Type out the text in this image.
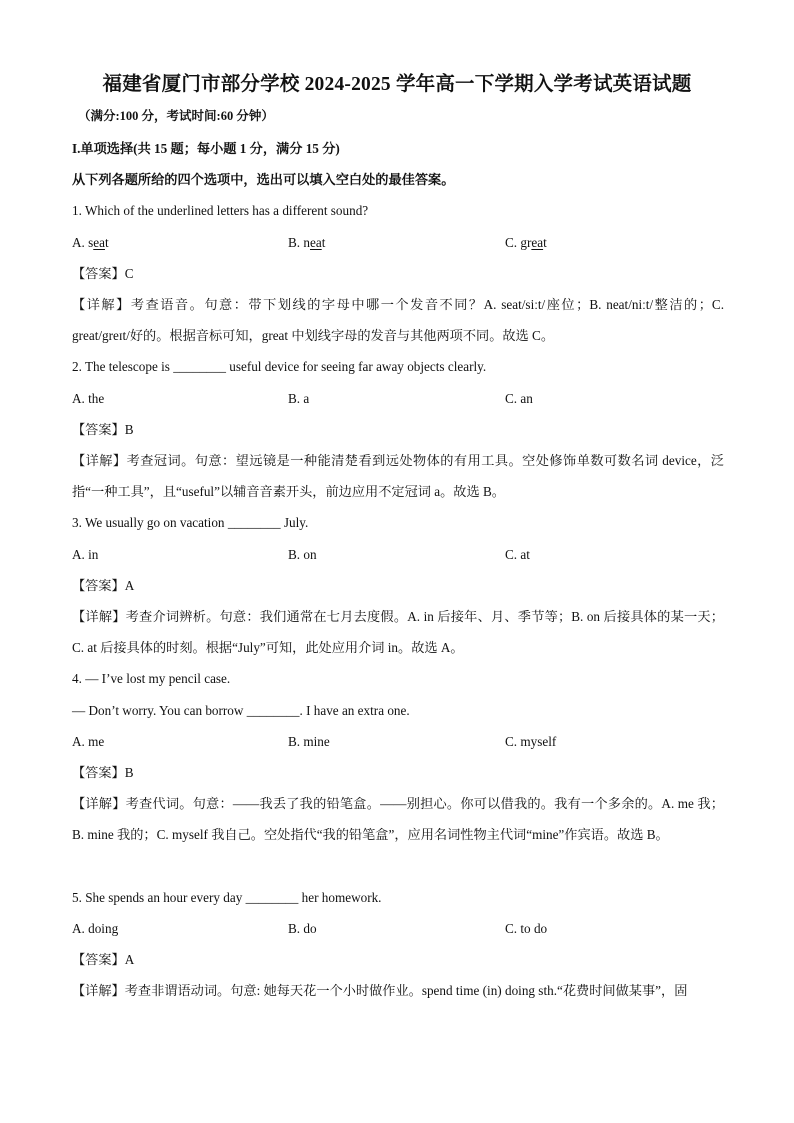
福建省厦门市部分学校 2024-2025 学年高一下学期入学考试英语试题
（满分:100 分，考试时间:60 分钟）
I.单项选择(共 15 题；每小题 1 分，满分 15 分)
从下列各题所给的四个选项中，选出可以填入空白处的最佳答案。
1. Which of the underlined letters has a different sound?
A. seat	B. neat	C. great
【答案】C
【详解】考查语音。句意：带下划线的字母中哪一个发音不同？A. seat/siːt/座位；B. neat/niːt/整洁的；C. great/greɪt/好的。根据音标可知，great 中划线字母的发音与其他两项不同。故选 C。
2. The telescope is ________ useful device for seeing far away objects clearly.
A. the	B. a	C. an
【答案】B
【详解】考查冠词。句意：望远镜是一种能清楚看到远处物体的有用工具。空处修饰单数可数名词 device，泛指“一种工具”，且“useful”以辅音音素开头，前边应用不定冠词 a。故选 B。
3. We usually go on vacation ________ July.
A. in	B. on	C. at
【答案】A
【详解】考查介词辨析。句意：我们通常在七月去度假。A. in 后接年、月、季节等；B. on 后接具体的某一天；C. at 后接具体的时刻。根据“July”可知，此处应用介词 in。故选 A。
4. — I’ve lost my pencil case.
— Don’t worry. You can borrow ________. I have an extra one.
A. me	B. mine	C. myself
【答案】B
【详解】考查代词。句意：——我丢了我的铅笔盒。——别担心。你可以借我的。我有一个多余的。A. me 我；B. mine 我的；C. myself 我自己。空处指代“我的铅笔盒”，应用名词性物主代词“mine”作宾语。故选 B。
5. She spends an hour every day ________ her homework.
A. doing	B. do	C. to do
【答案】A
【详解】考查非谓语动词。句意: 她每天花一个小时做作业。spend time (in) doing sth.“花费时间做某事”，固
